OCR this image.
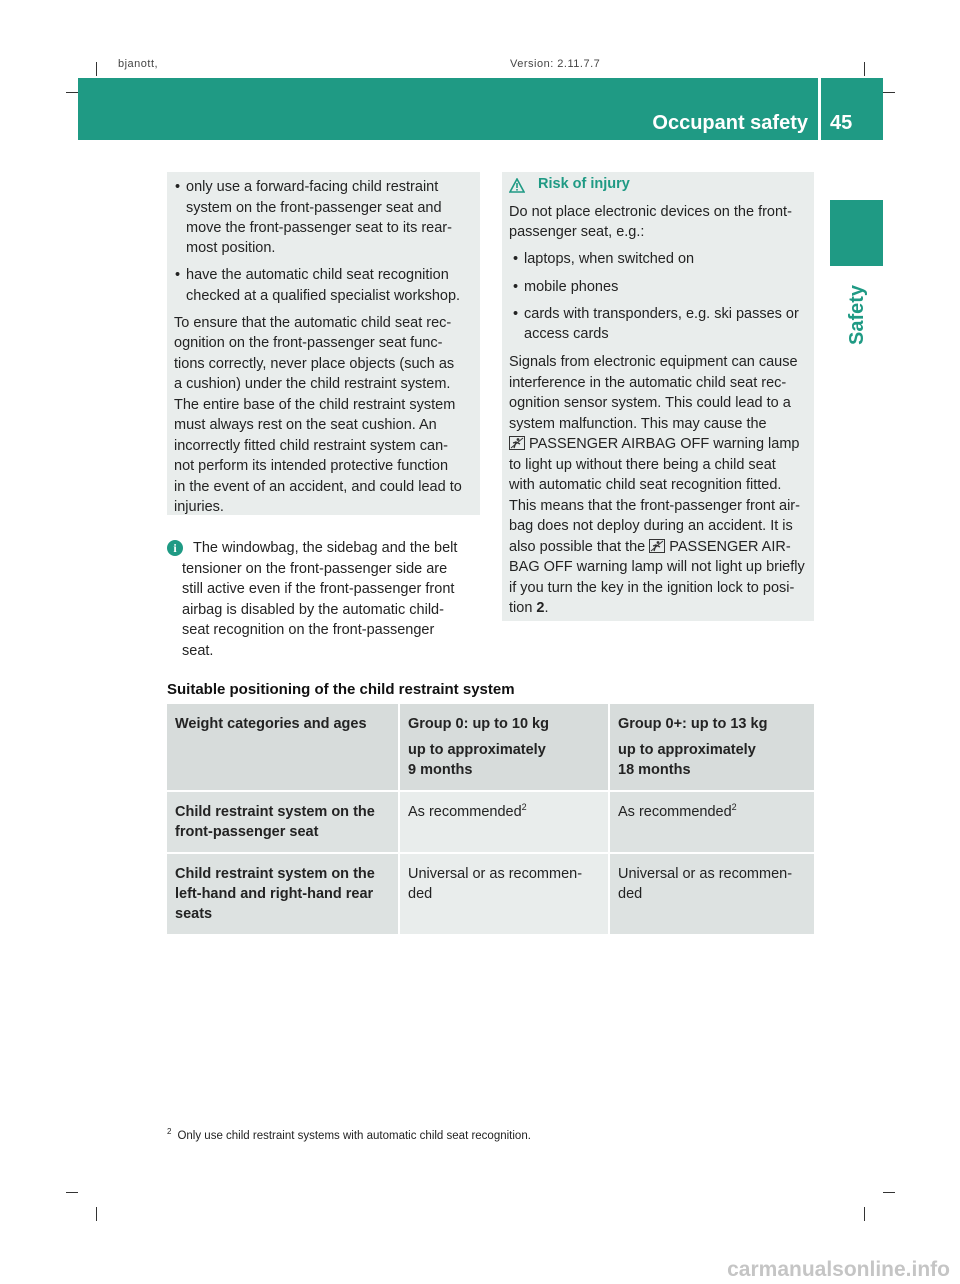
bjanott,	Version: 2.11.7.7
Occupant safety 45
Safety
• only use a forward-facing child restraint
system on the front-passenger seat and
move the front-passenger seat to its rear-
most position.
• have the automatic child seat recognition
checked at a qualified specialist workshop.
To ensure that the automatic child seat rec-
ognition on the front-passenger seat func-
tions correctly, never place objects (such as
a cushion) under the child restraint system.
The entire base of the child restraint system
must always rest on the seat cushion. An
incorrectly fitted child restraint system can-
not perform its intended protective function
in the event of an accident, and could lead to
injuries.
i	The windowbag, the sidebag and the belt
tensioner on the front-passenger side are
still active even if the front-passenger front
airbag is disabled by the automatic child-
seat recognition on the front-passenger
seat.
Risk of injury
Do not place electronic devices on the front-
passenger seat, e.g.:
• laptops, when switched on
• mobile phones
• cards with transponders, e.g. ski passes or
access cards
Signals from electronic equipment can cause
interference in the automatic child seat rec-
ognition sensor system. This could lead to a
system malfunction. This may cause the
PASSENGER AIRBAG OFF warning lamp
to light up without there being a child seat
with automatic child seat recognition fitted.
This means that the front-passenger front air-
bag does not deploy during an accident. It is
also possible that the PASSENGER AIR-
BAG OFF warning lamp will not light up briefly
if you turn the key in the ignition lock to posi-
tion 2.
Suitable positioning of the child restraint system
Weight categories and ages	Group 0: up to 10 kg
up to approximately
9 months	Group 0+: up to 13 kg
up to approximately
18 months

Child restraint system on the front-passenger seat	As recommended$^2$	As recommended$^2$
Child restraint system on the left-hand and right-hand rear seats	Universal or as recommen-ded	Universal or as recommen-ded
$^2$ Only use child restraint systems with automatic child seat recognition.
carmanualsonline.info
